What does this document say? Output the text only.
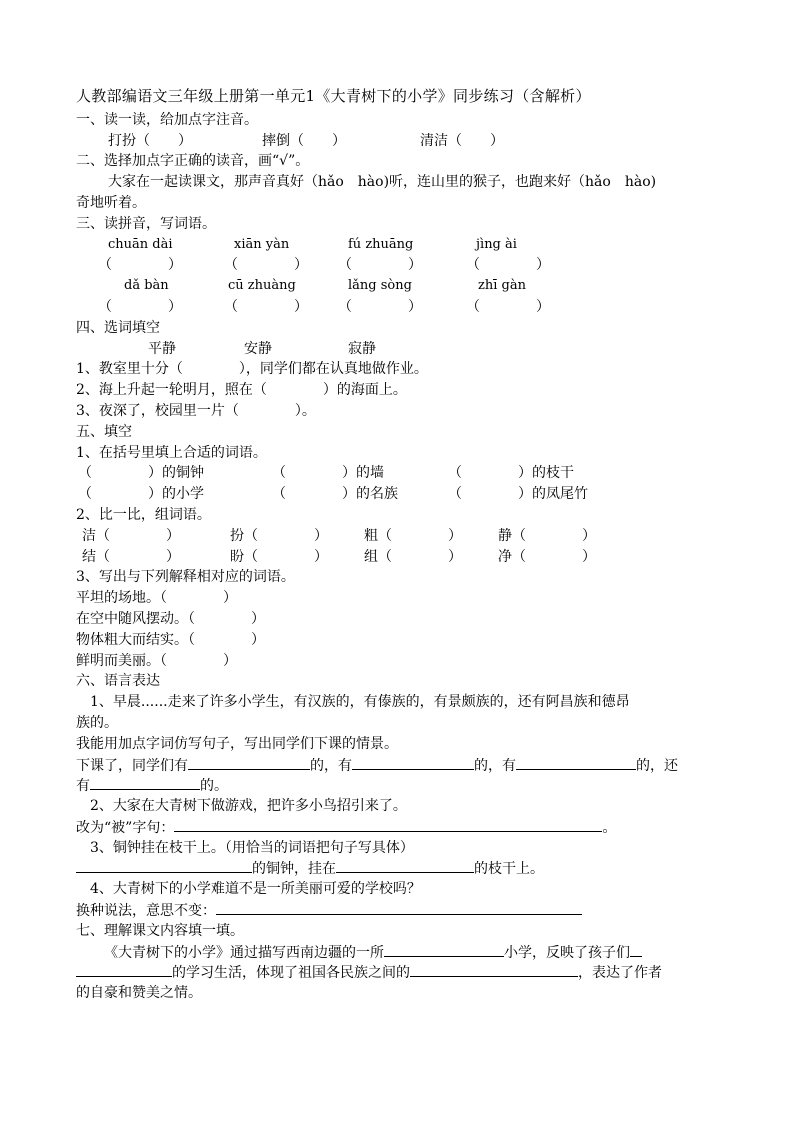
人教部编语文三年级上册第一单元1《大青树下的小学》同步练习（含解析）
一、读一读，给加点字注音。
打扮（　　）	摔倒（　　）	清洁（　　）
二、选择加点字正确的读音，画“√”。
大家在一起读课文，那声音真好（hǎo　hào)听，连山里的猴子，也跑来好（hǎo　hào)
奇地听着。
三、读拼音，写词语。
chuān dài	xiān yàn	fú zhuāng	jìng ài
（　　　　）	（　　　　） （　　　　）	（　　　　）
dǎ bàn	cū zhuàng	lǎng sòng	zhī gàn
（　　　　）	（　　　　） （　　　　）	（　　　　）
四、选词填空
平静	安静	寂静
1、教室里十分（　　　　），同学们都在认真地做作业。
2、海上升起一轮明月，照在（　　　　）的海面上。
3、夜深了，校园里一片（　　　　）。
五、填空
1、在括号里填上合适的词语。
（　　　　）的铜钟	（　　　　）的墙	（　　　　）的枝干
（　　　　）的小学	（　　　　）的名族	（　　　　）的凤尾竹
2、比一比，组词语。
洁（　　　　）	扮（　　　　）	粗（　　　　）	静（　　　　）
结（　　　　）	盼（　　　　）	组（　　　　）	净（　　　　）
3、写出与下列解释相对应的词语。
平坦的场地。（　　　　）
在空中随风摆动。（　　　　）
物体粗大而结实。（　　　　）
鲜明而美丽。（　　　　）
六、语言表达
1、早晨......走来了许多小学生，有汉族的，有傣族的，有景颇族的，还有阿昌族和德昂
族的。
我能用加点字词仿写句子，写出同学们下课的情景。
下课了，同学们有	的，有	的，有	的，还
有	的。
2、大家在大青树下做游戏，把许多小鸟招引来了。
改为“被”字句：	。
3、铜钟挂在枝干上。（用恰当的词语把句子写具体）
的铜钟，挂在	的枝干上。
4、大青树下的小学难道不是一所美丽可爱的学校吗？
换种说法，意思不变：
七、理解课文内容填一填。
《大青树下的小学》通过描写西南边疆的一所	小学，反映了孩子们
的学习生活，体现了祖国各民族之间的	，表达了作者
的自豪和赞美之情。
